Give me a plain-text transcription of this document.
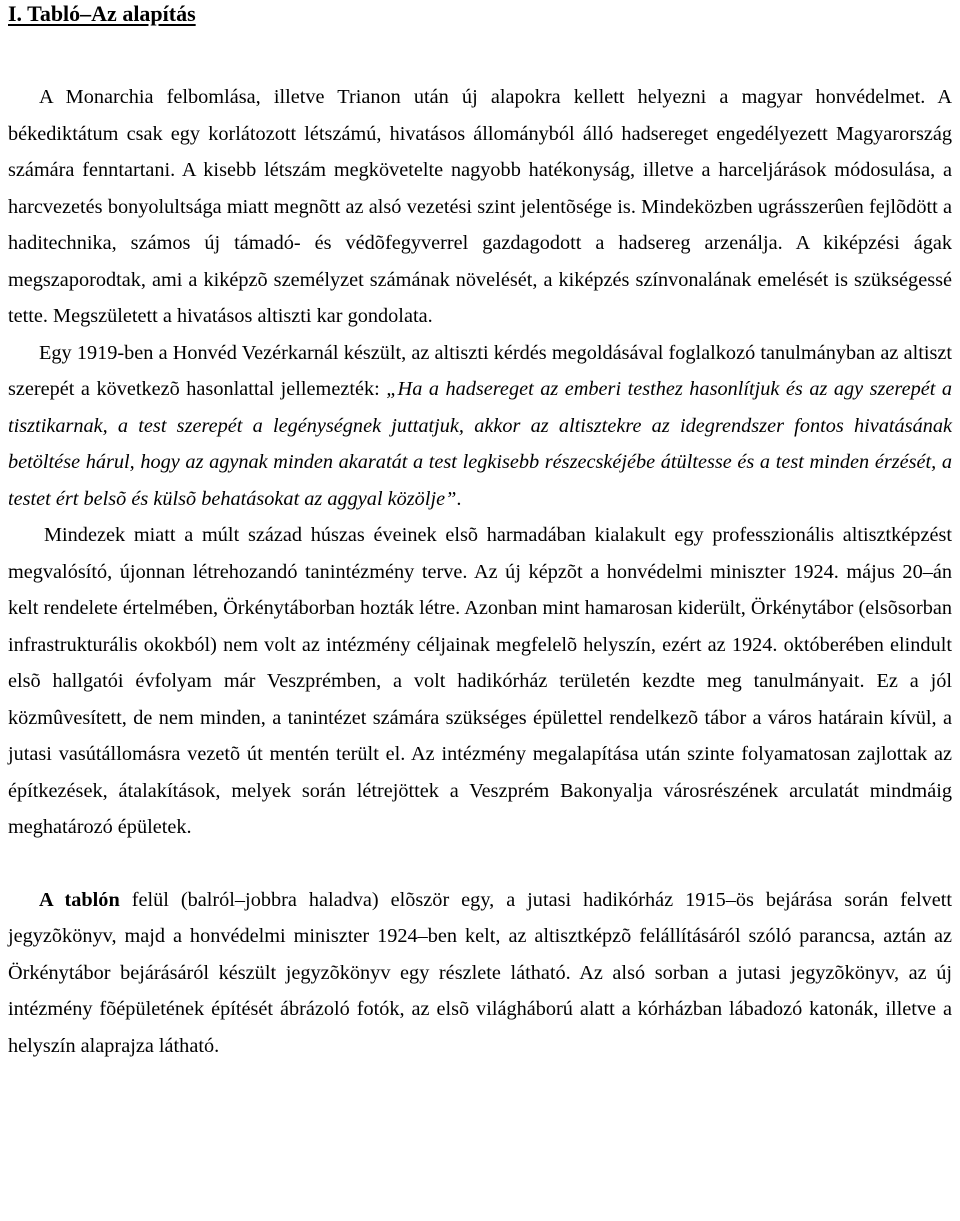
I. Tabló–Az alapítás

A Monarchia felbomlása, illetve Trianon után új alapokra kellett helyezni a magyar honvédelmet. A békediktátum csak egy korlátozott létszámú, hivatásos állományból álló hadsereget engedélyezett Magyarország számára fenntartani. A kisebb létszám megkövetelte nagyobb hatékonyság, illetve a harceljárások módosulása, a harcvezetés bonyolultsága miatt megnõtt az alsó vezetési szint jelentõsége is. Mindeközben ugrásszerûen fejlõdött a haditechnika, számos új támadó- és védõfegyverrel gazdagodott a hadsereg arzenálja. A kiképzési ágak megszaporodtak, ami a kiképzõ személyzet számának növelését, a kiképzés színvonalának emelését is szükségessé tette. Megszületett a hivatásos altiszti kar gondolata.

Egy 1919-ben a Honvéd Vezérkarnál készült, az altiszti kérdés megoldásával foglalkozó tanulmányban az altiszt szerepét a következõ hasonlattal jellemezték: „Ha a hadsereget az emberi testhez hasonlítjuk és az agy szerepét a tisztikarnak, a test szerepét a legénységnek juttatjuk, akkor az altisztekre az idegrendszer fontos hivatásának betöltése hárul, hogy az agynak minden akaratát a test legkisebb részecskéjébe átültesse és a test minden érzését, a testet ért belsõ és külsõ behatásokat az aggyal közölje”.

Mindezek miatt a múlt század húszas éveinek elsõ harmadában kialakult egy professzionális altisztképzést megvalósító, újonnan létrehozandó tanintézmény terve. Az új képzõt a honvédelmi miniszter 1924. május 20–án kelt rendelete értelmében, Örkénytáborban hozták létre. Azonban mint hamarosan kiderült, Örkénytábor (elsõsorban infrastrukturális okokból) nem volt az intézmény céljainak megfelelõ helyszín, ezért az 1924. októberében elindult elsõ hallgatói évfolyam már Veszprémben, a volt hadikórház területén kezdte meg tanulmányait. Ez a jól közmûvesített, de nem minden, a tanintézet számára szükséges épülettel rendelkezõ tábor a város határain kívül, a jutasi vasútállomásra vezetõ út mentén terült el. Az intézmény megalapítása után szinte folyamatosan zajlottak az építkezések, átalakítások, melyek során létrejöttek a Veszprém Bakonyalja városrészének arculatát mindmáig meghatározó épületek.

A tablón felül (balról–jobbra haladva) elõször egy, a jutasi hadikórház 1915–ös bejárása során felvett jegyzõkönyv, majd a honvédelmi miniszter 1924–ben kelt, az altisztképzõ felállításáról szóló parancsa, aztán az Örkénytábor bejárásáról készült jegyzõkönyv egy részlete látható. Az alsó sorban a jutasi jegyzõkönyv, az új intézmény fõépületének építését ábrázoló fotók, az elsõ világháború alatt a kórházban lábadozó katonák, illetve a helyszín alaprajza látható.
